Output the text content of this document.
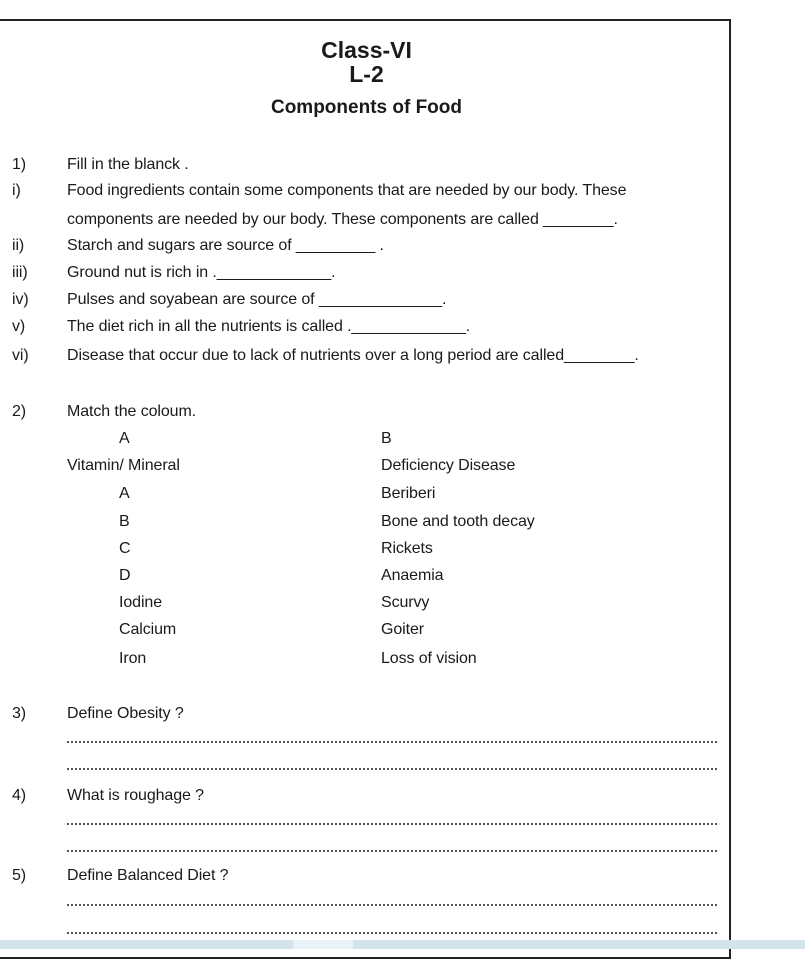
Class-VI
L-2
Components of Food
1)	Fill in the blanck .
i)	Food ingredients contain some components that are needed by our body. These
components are needed by our body. These components are called ________.
ii)	Starch and sugars are source of _________ .
iii) Ground nut is rich in ._____________.
iv) Pulses and soyabean are source of ______________.
v)	The diet rich in all the nutrients is called ._____________.
vi) Disease that occur due to lack of nutrients over a long period are called________.
2)	Match the coloum.
A	B
Vitamin/ Mineral	Deficiency Disease
A	Beriberi
B	Bone and tooth decay
C	Rickets
D	Anaemia
Iodine	Scurvy
Calcium	Goiter
Iron	Loss of vision
3)	Define Obesity ?
4)	What is roughage ?
5)	Define Balanced Diet ?
